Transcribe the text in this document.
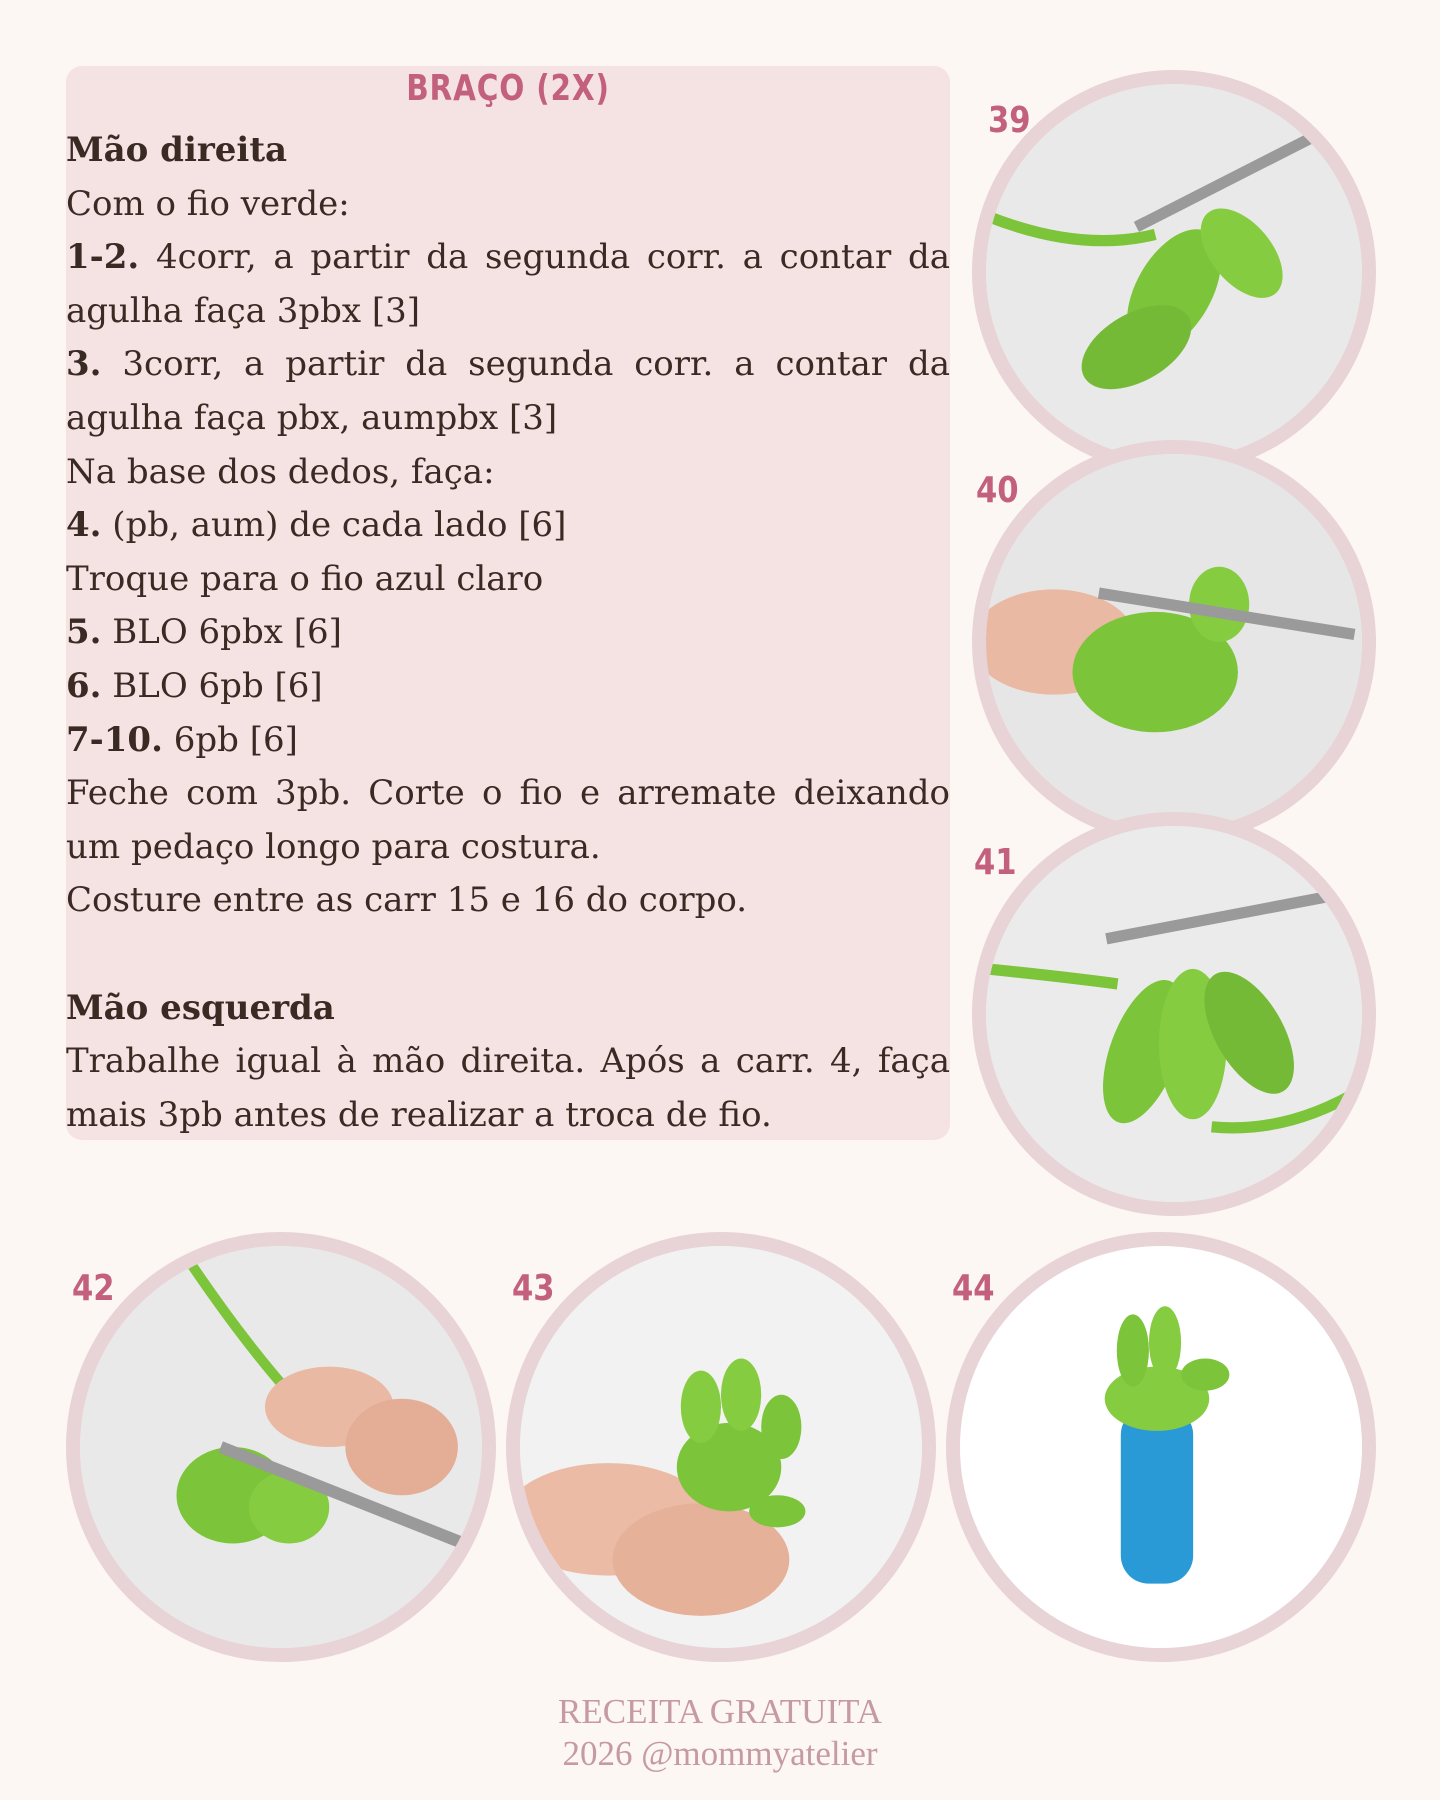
BRAÇO (2X)

Mão direita

Com o fio verde:

1-2. 4corr, a partir da segunda corr. a contar da agulha faça 3pbx [3]

3. 3corr, a partir da segunda corr. a contar da agulha faça pbx, aumpbx [3]

Na base dos dedos, faça:

4. (pb, aum) de cada lado [6]

Troque para o fio azul claro

5. BLO 6pbx [6]

6. BLO 6pb [6]

7-10. 6pb [6]

Feche com 3pb. Corte o fio e arremate deixando um pedaço longo para costura.

Costure entre as carr 15 e 16 do corpo.

Mão esquerda

Trabalhe igual à mão direita. Após a carr. 4, faça mais 3pb antes de realizar a troca de fio.

39
40
41
42	43	44
RECEITA GRATUITA
2026 @mommyatelier
